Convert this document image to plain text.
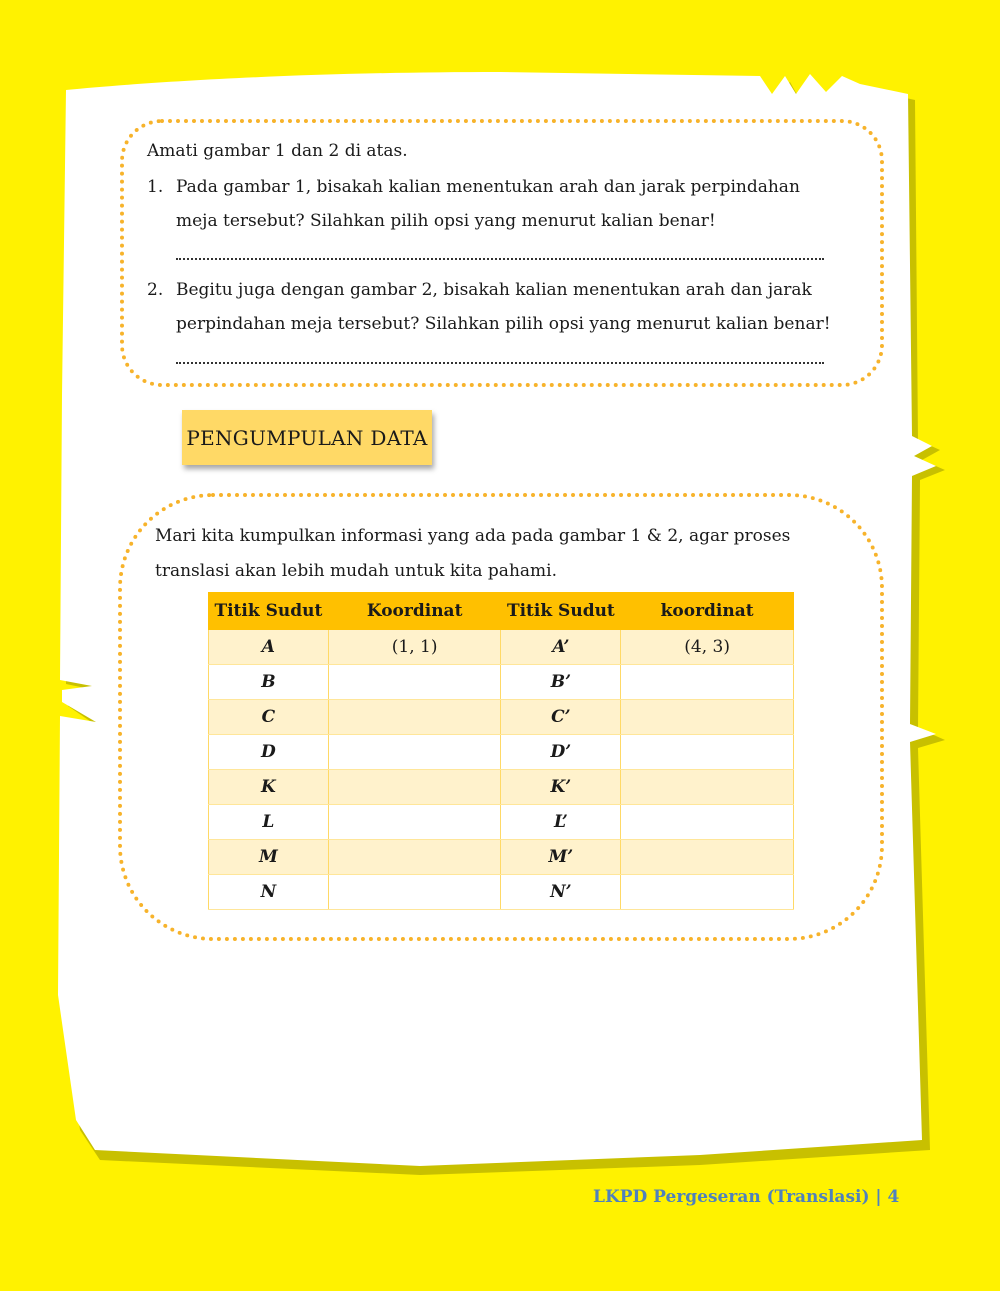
Amati gambar 1 dan 2 di atas.

1. Pada gambar 1, bisakah kalian menentukan arah dan jarak perpindahan meja tersebut? Silahkan pilih opsi yang menurut kalian benar!
2. Begitu juga dengan gambar 2, bisakah kalian menentukan arah dan jarak perpindahan meja tersebut? Silahkan pilih opsi yang menurut kalian benar!
PENGUMPULAN DATA

Mari kita kumpulkan informasi yang ada pada gambar 1 & 2, agar proses translasi akan lebih mudah untuk kita pahami.

Titik Sudut	Koordinat	Titik Sudut	koordinat
A	(1, 1)	A’	(4, 3)
B		B’	
C		C’	
D		D’	
K		K’	
L		L’	
M		M’	
N		N’	
LKPD Pergeseran (Translasi) | 4
